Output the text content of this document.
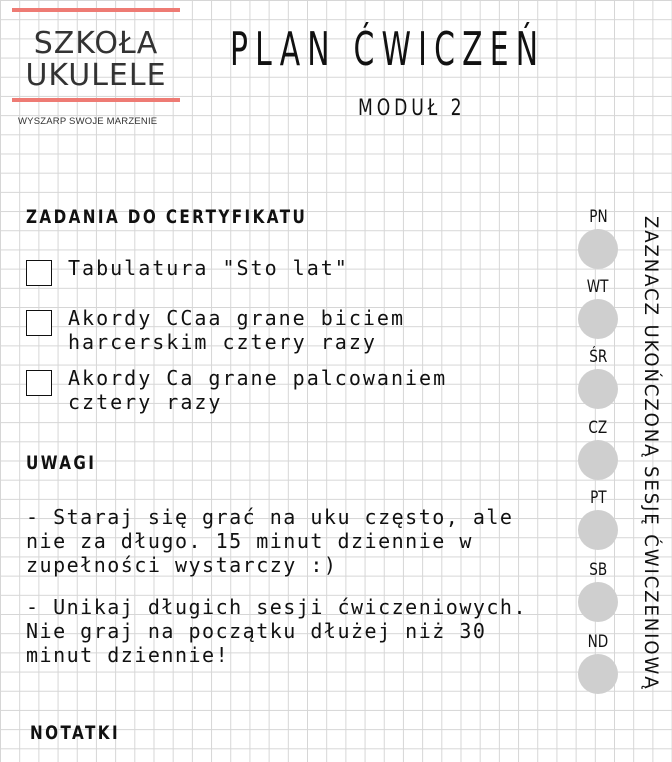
SZKOŁA
UKULELE
WYSZARP SWOJE MARZENIE
PLAN ĆWICZEŃ
MODUŁ 2
ZADANIA DO CERTYFIKATU
Tabulatura "Sto lat"
Akordy CCaa grane biciem
harcerskim cztery razy
Akordy Ca grane palcowaniem
cztery razy
UWAGI
- Staraj się grać na uku często, ale
nie za długo. 15 minut dziennie w
zupełności wystarczy :)
- Unikaj długich sesji ćwiczeniowych.
Nie graj na początku dłużej niż 30
minut dziennie!
NOTATKI
PN
WT
ŚR
CZ
PT
SB
ND	ZAZNACZ UKOŃCZONĄ SESJĘ ĆWICZENIOWĄ
